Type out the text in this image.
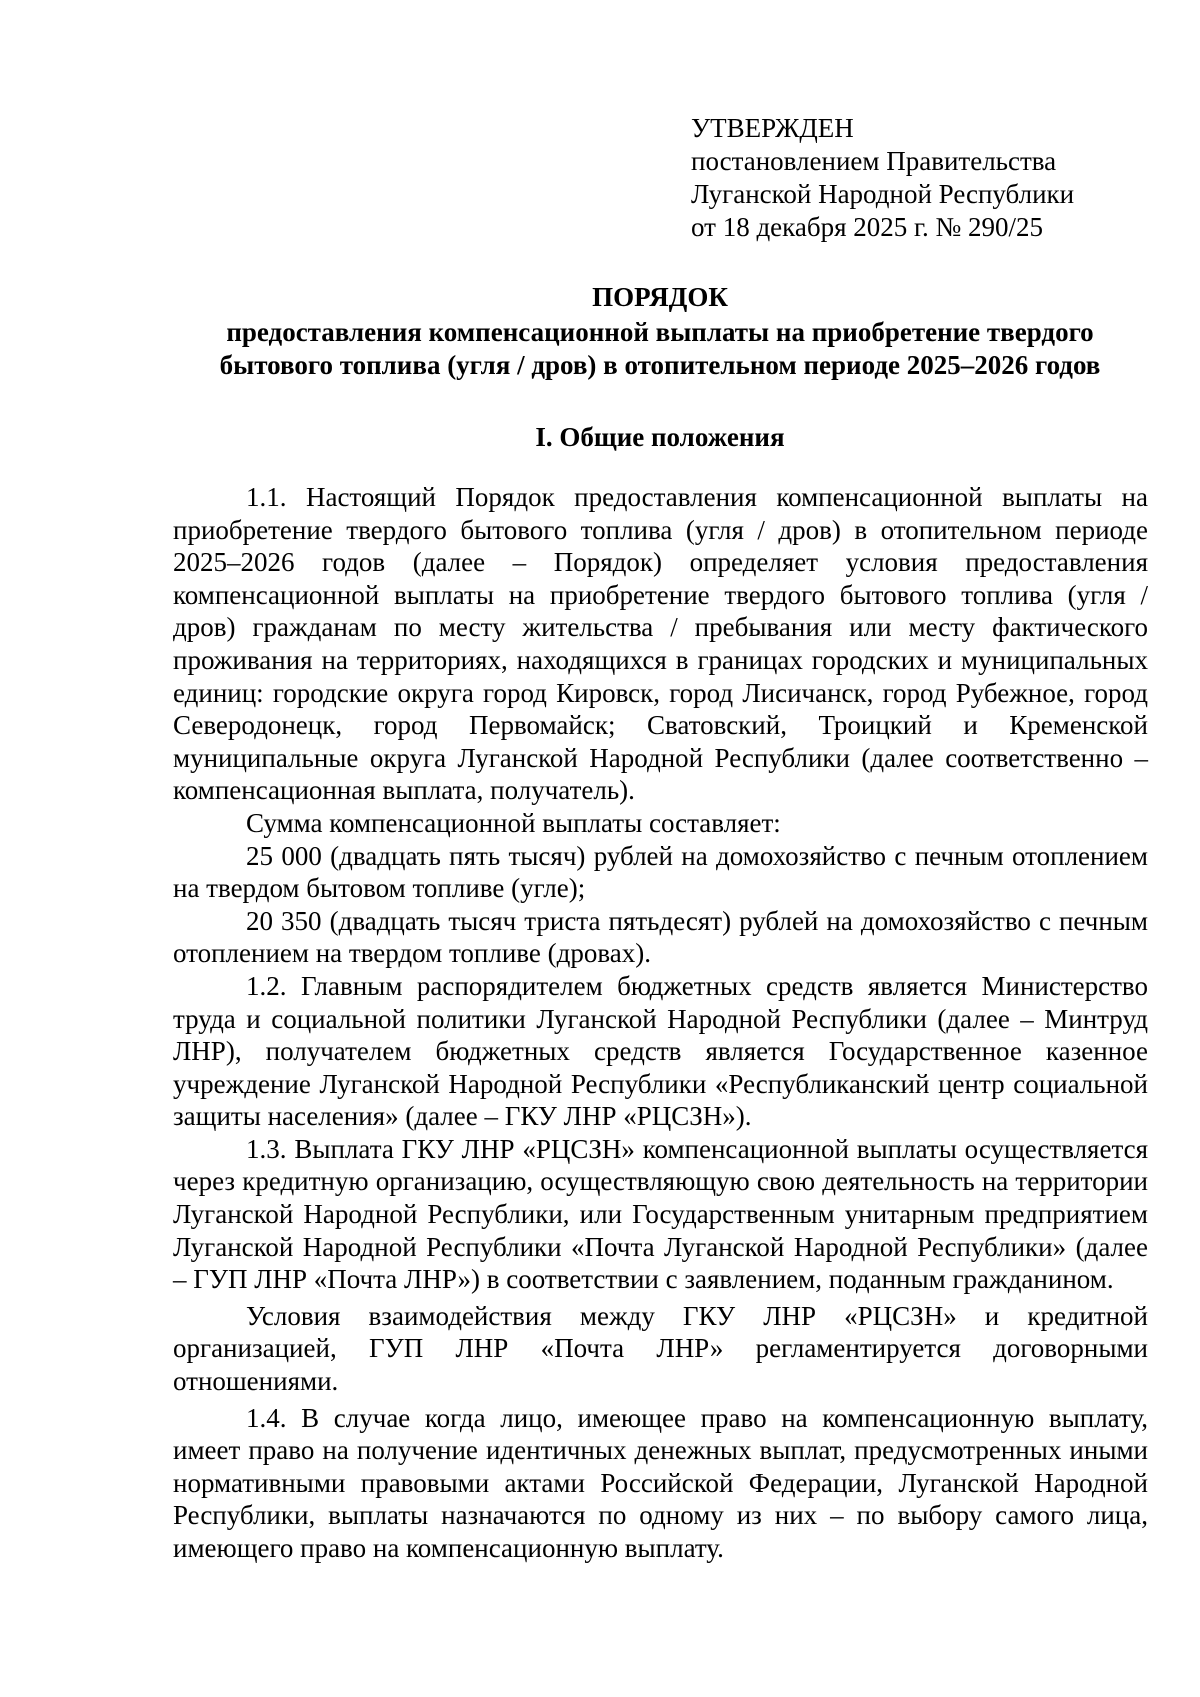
УТВЕРЖДЕН
постановлением Правительства
Луганской Народной Республики
от 18 декабря 2025 г. № 290/25
ПОРЯДОК
предоставления компенсационной выплаты на приобретение твердого
бытового топлива (угля / дров) в отопительном периоде 2025–2026 годов
I. Общие положения

1.1. Настоящий Порядок предоставления компенсационной выплаты на приобретение твердого бытового топлива (угля / дров) в отопительном периоде 2025–2026 годов (далее – Порядок) определяет условия предоставления компенсационной выплаты на приобретение твердого бытового топлива (угля / дров) гражданам по месту жительства / пребывания или месту фактического проживания на территориях, находящихся в границах городских и муниципальных единиц: городские округа город Кировск, город Лисичанск, город Рубежное, город Северодонецк, город Первомайск; Сватовский, Троицкий и Кременской муниципальные округа Луганской Народной Республики (далее соответственно – компенсационная выплата, получатель).

Сумма компенсационной выплаты составляет:

25 000 (двадцать пять тысяч) рублей на домохозяйство с печным отоплением на твердом бытовом топливе (угле);

20 350 (двадцать тысяч триста пятьдесят) рублей на домохозяйство с печным отоплением на твердом топливе (дровах).

1.2. Главным распорядителем бюджетных средств является Министерство труда и социальной политики Луганской Народной Республики (далее – Минтруд ЛНР), получателем бюджетных средств является Государственное казенное учреждение Луганской Народной Республики «Республиканский центр социальной защиты населения» (далее – ГКУ ЛНР «РЦСЗН»).

1.3. Выплата ГКУ ЛНР «РЦСЗН» компенсационной выплаты осуществляется через кредитную организацию, осуществляющую свою деятельность на территории Луганской Народной Республики, или Государственным унитарным предприятием Луганской Народной Республики «Почта Луганской Народной Республики» (далее – ГУП ЛНР «Почта ЛНР») в соответствии с заявлением, поданным гражданином.

Условия взаимодействия между ГКУ ЛНР «РЦСЗН» и кредитной организацией, ГУП ЛНР «Почта ЛНР» регламентируется договорными отношениями.

1.4. В случае когда лицо, имеющее право на компенсационную выплату, имеет право на получение идентичных денежных выплат, предусмотренных иными нормативными правовыми актами Российской Федерации, Луганской Народной Республики, выплаты назначаются по одному из них – по выбору самого лица, имеющего право на компенсационную выплату.
